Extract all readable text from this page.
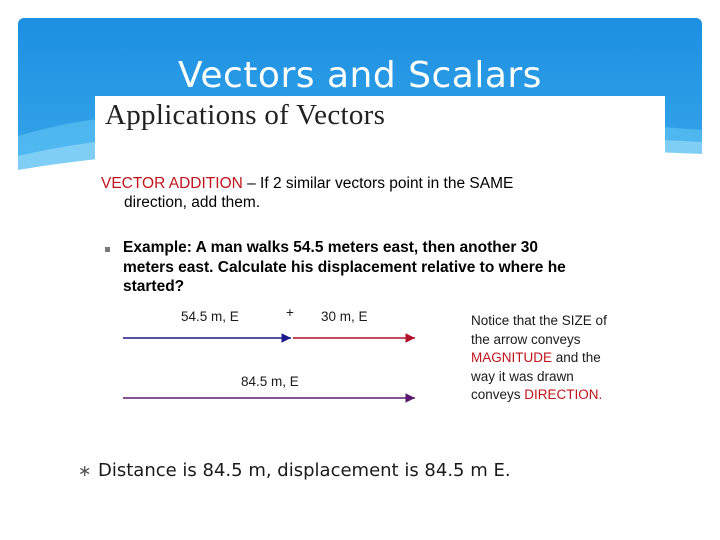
Vectors and Scalars
Applications of Vectors
VECTOR ADDITION – If 2 similar vectors point in the SAME
direction, add them.
Example: A man walks 54.5 meters east, then another 30
meters east. Calculate his displacement relative to where he
started?
54.5 m, E	+ 30 m, E
84.5 m, E
Notice that the SIZE of
the arrow conveys
MAGNITUDE and the
way it was drawn
conveys DIRECTION.
∗ Distance is 84.5 m, displacement is 84.5 m E.
